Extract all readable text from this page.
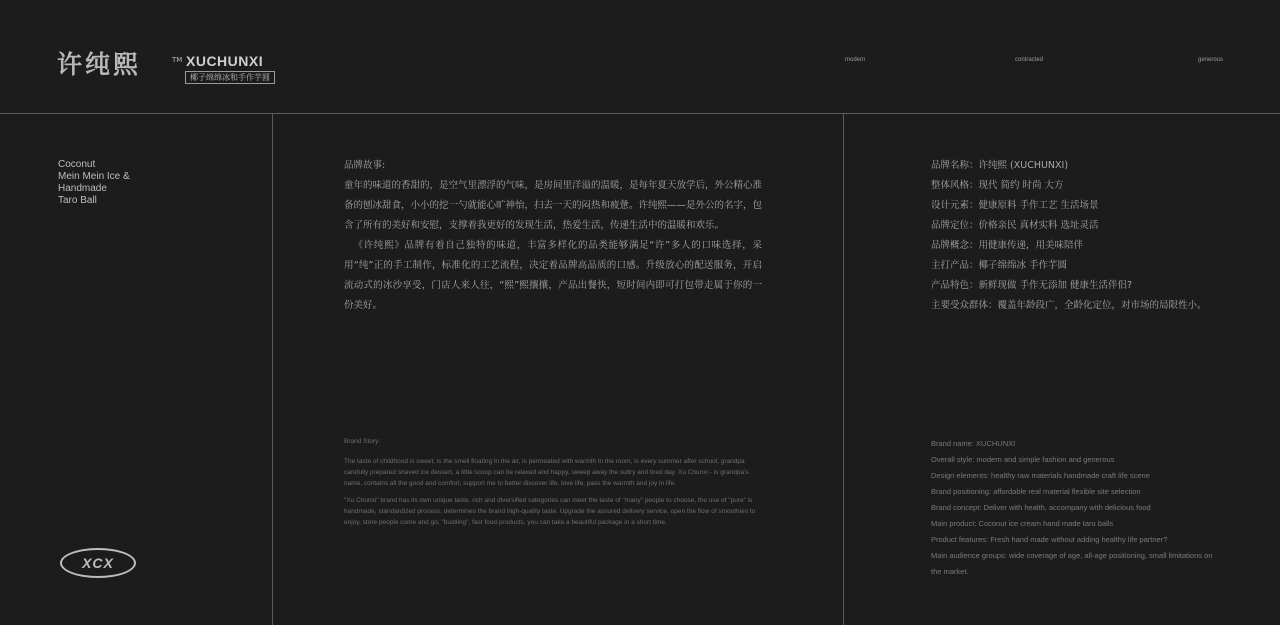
许纯熙	TM XUCHUNXI
椰子绵绵冰和手作芋圆
modern	contracted	generous
Coconut
Mein Mein Ice &
Handmade
Taro Ball
XCX

品牌故事:

童年的味道的香甜的，是空气里漂浮的气味，是房间里洋溢的温暖，是每年夏天放学后，外公精心准备的刨冰甜食，小小的挖一勺就能心旷神怡，扫去一天的闷热和疲惫。许纯熙——是外公的名字，包含了所有的美好和安慰，支撑着我更好的发现生活，热爱生活，传递生活中的温暖和欢乐。

《许纯熙》品牌有着自己独特的味道，丰富多样化的品类能够满足“许”多人的口味选择，采用“纯”正的手工制作，标准化的工艺流程，决定着品牌高品质的口感。升级放心的配送服务，开启流动式的冰沙享受，门店人来人往，“熙”熙攘攘，产品出餐快，短时间内即可打包带走属于你的一份美好。

Brand Story:

The taste of childhood is sweet, is the smell floating in the air, is permeated with warmth in the room, is every summer after school, grandpa carefully prepared shaved ice dessert, a little scoop can be relaxed and happy, sweep away the sultry and tired day. Xu Chunxi - is grandpa's name, contains all the good and comfort, support me to better discover life, love life, pass the warmth and joy in life.

"Xu Chunxi" brand has its own unique taste, rich and diversified categories can meet the taste of "many" people to choose, the use of "pure" is handmade, standardized process, determines the brand high-quality taste. Upgrade the assured delivery service, open the flow of smoothies to enjoy, store people come and go, "bustling", fast food products, you can take a beautiful package in a short time.

品牌名称：许纯熙 (XUCHUNXI)
整体风格：现代 简约 时尚 大方
设计元素：健康原料 手作工艺 生活场景
品牌定位：价格亲民 真材实料 选址灵活
品牌概念：用健康传递，用美味陪伴
主打产品：椰子绵绵冰 手作芋圆
产品特色：新鲜现做 手作无添加 健康生活伴侣?
主要受众群体：覆盖年龄段广，全龄化定位，对市场的局限性小。
Brand name: XUCHUNXI
Overall style: modern and simple fashion and generous
Design elements: healthy raw materials handmade craft life scene
Brand positioning: affordable real material flexible site selection
Brand concept: Deliver with health, accompany with delicious food
Main product: Coconut ice cream hand made taro balls
Product features: Fresh hand made without adding healthy life partner?
Main audience groups: wide coverage of age, all-age positioning, small limitations on the market.
